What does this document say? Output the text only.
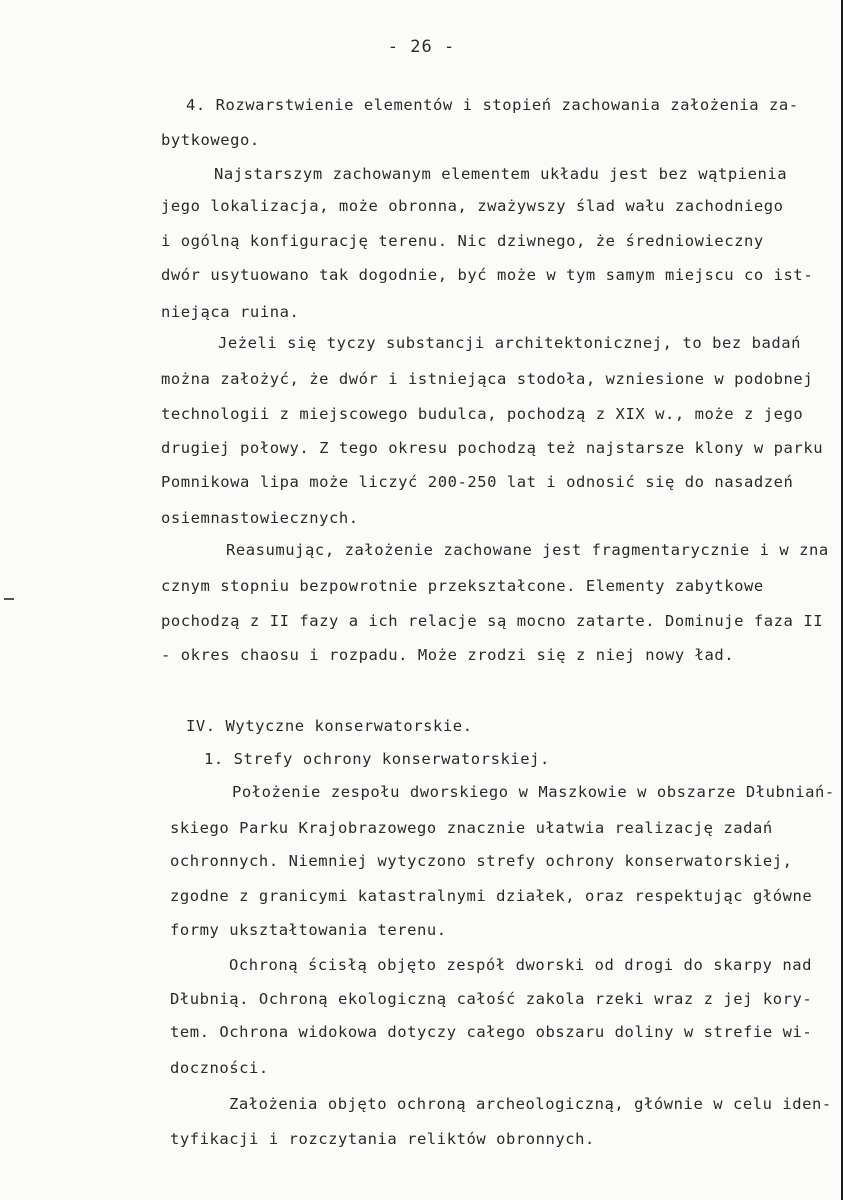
- 26 -
4. Rozwarstwienie elementów i stopień zachowania założenia za-
bytkowego.
Najstarszym zachowanym elementem układu jest bez wątpienia
jego lokalizacja, może obronna, zważywszy ślad wału zachodniego
i ogólną konfigurację terenu. Nic dziwnego, że średniowieczny
dwór usytuowano tak dogodnie, być może w tym samym miejscu co ist-
niejąca ruina.
Jeżeli się tyczy substancji architektonicznej, to bez badań
można założyć, że dwór i istniejąca stodoła, wzniesione w podobnej
technologii z miejscowego budulca, pochodzą z XIX w., może z jego
drugiej połowy. Z tego okresu pochodzą też najstarsze klony w parku
Pomnikowa lipa może liczyć 200-250 lat i odnosić się do nasadzeń
osiemnastowiecznych.
Reasumując, założenie zachowane jest fragmentarycznie i w zna
cznym stopniu bezpowrotnie przekształcone. Elementy zabytkowe
pochodzą z II fazy a ich relacje są mocno zatarte. Dominuje faza II
- okres chaosu i rozpadu. Może zrodzi się z niej nowy ład.
IV. Wytyczne konserwatorskie.
1. Strefy ochrony konserwatorskiej.
Położenie zespołu dworskiego w Maszkowie w obszarze Dłubniań-
skiego Parku Krajobrazowego znacznie ułatwia realizację zadań
ochronnych. Niemniej wytyczono strefy ochrony konserwatorskiej,
zgodne z granicymi katastralnymi działek, oraz respektując główne
formy ukształtowania terenu.
Ochroną ścisłą objęto zespół dworski od drogi do skarpy nad
Dłubnią. Ochroną ekologiczną całość zakola rzeki wraz z jej kory-
tem. Ochrona widokowa dotyczy całego obszaru doliny w strefie wi-
doczności.
Założenia objęto ochroną archeologiczną, głównie w celu iden-
tyfikacji i rozczytania reliktów obronnych.
